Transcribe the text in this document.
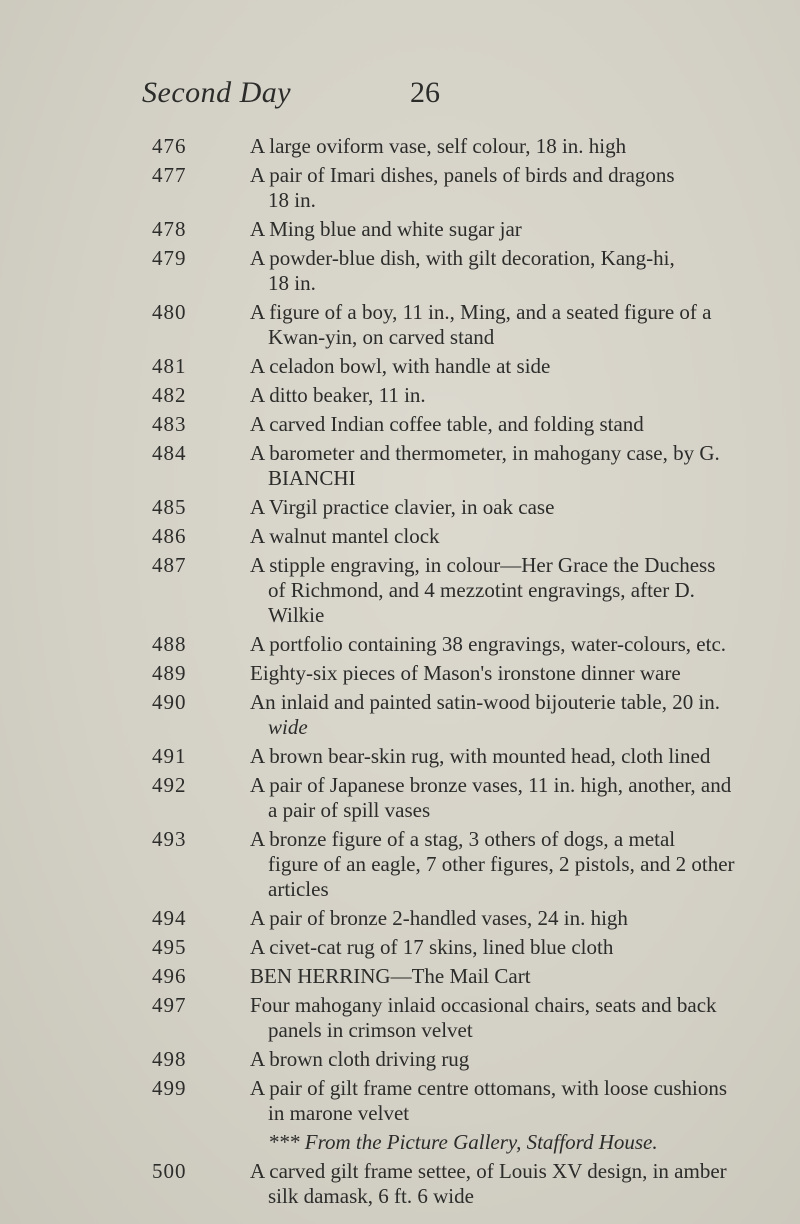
Second Day	26
476	A large oviform vase, self colour, 18 in. high
477	A pair of Imari dishes, panels of birds and dragons
18 in.
478	A Ming blue and white sugar jar
479	A powder-blue dish, with gilt decoration, Kang-hi,
18 in.
480	A figure of a boy, 11 in., Ming, and a seated figure of a
Kwan-yin, on carved stand
481	A celadon bowl, with handle at side
482	A ditto beaker, 11 in.
483	A carved Indian coffee table, and folding stand
484	A barometer and thermometer, in mahogany case, by G.
BIANCHI
485	A Virgil practice clavier, in oak case
486	A walnut mantel clock
487	A stipple engraving, in colour—Her Grace the Duchess
of Richmond, and 4 mezzotint engravings, after D.
Wilkie
488	A portfolio containing 38 engravings, water-colours, etc.
489	Eighty-six pieces of Mason's ironstone dinner ware
490	An inlaid and painted satin-wood bijouterie table, 20 in.
wide
491	A brown bear-skin rug, with mounted head, cloth lined
492	A pair of Japanese bronze vases, 11 in. high, another, and
a pair of spill vases
493	A bronze figure of a stag, 3 others of dogs, a metal
figure of an eagle, 7 other figures, 2 pistols, and 2 other
articles
494	A pair of bronze 2-handled vases, 24 in. high
495	A civet-cat rug of 17 skins, lined blue cloth
496	BEN HERRING—The Mail Cart
497	Four mahogany inlaid occasional chairs, seats and back
panels in crimson velvet
498	A brown cloth driving rug
499	A pair of gilt frame centre ottomans, with loose cushions
in marone velvet
*** From the Picture Gallery, Stafford House.
500	A carved gilt frame settee, of Louis XV design, in amber
silk damask, 6 ft. 6 wide
